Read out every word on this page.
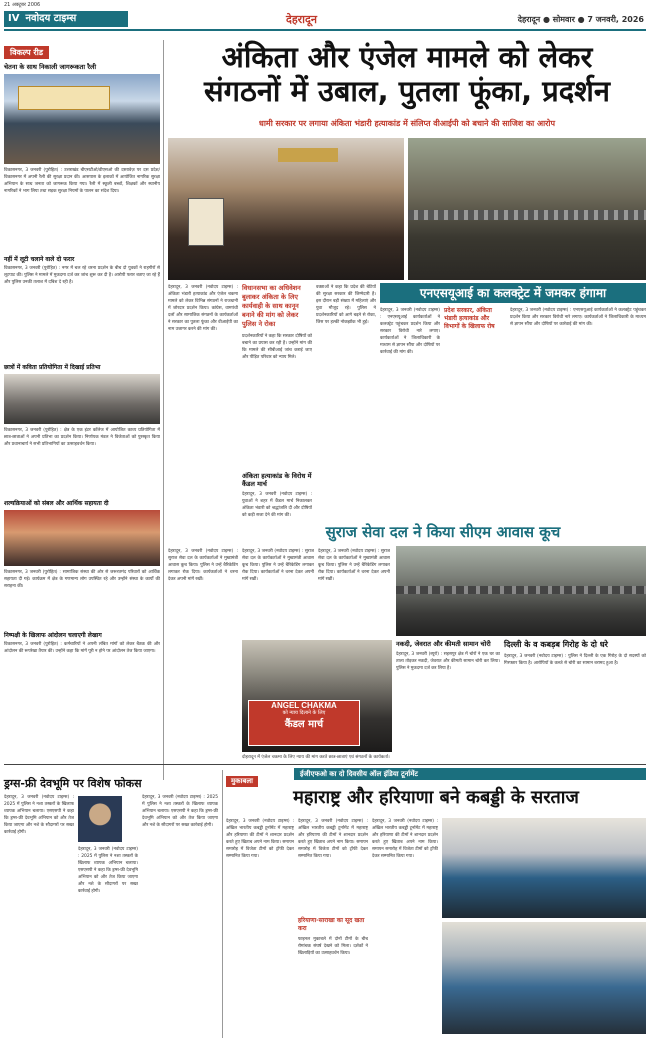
21 अक्टूबर 2006
IV नवोदय टाइम्स	देहरादून	देहरादून ● सोमवार ● 7 जनवरी, 2026
विकल्प रीड
चेतना के साथ निकाली जागरूकता रैली
विकासनगर, 3 जनवरी (पुरोहित) : उत्तराखंड बीएसटीओ/डीएसओ की दस्तावेज़ पर दस प्रदेश/विकासनगर में अपनी रैली की सुरक्षा प्रदान की। आसपास के इलाकों में आयोजित नागरिक सुरक्षा अभियान के साथ जनता को जागरूक किया गया। रैली में स्कूली बच्चों, शिक्षकों और स्थानीय नागरिकों ने भाग लिया तथा सड़क सुरक्षा नियमों के पालन का संदेश दिया।
नहीं में लूटी चलाने वाले दो फरार
विकासनगर, 3 जनवरी (पुरोहित) : नगर में चल रहे धरना प्रदर्शन के बीच दो युवकों ने राहगीरों से लूटपाट की। पुलिस ने मामले में मुकदमा दर्ज कर जांच शुरू कर दी है। आरोपी फरार बताए जा रहे हैं और पुलिस उनकी तलाश में दबिश दे रही है।
छात्रों में कविता प्रतियोगिता में दिखाई प्रतिभा
विकासनगर, 3 जनवरी (पुरोहित) : क्षेत्र के एक इंटर कॉलेज में आयोजित काव्य प्रतियोगिता में छात्र-छात्राओं ने अपनी प्रतिभा का प्रदर्शन किया। निर्णायक मंडल ने विजेताओं को पुरस्कृत किया और प्रधानाचार्य ने सभी प्रतिभागियों का उत्साहवर्धन किया।
शल्यक्रियाओं को संबल और आर्थिक सहायता दी
विकासनगर, 3 जनवरी (पुरोहित) : सामाजिक संस्था की ओर से जरूरतमंद परिवारों को आर्थिक सहायता दी गई। कार्यक्रम में क्षेत्र के गणमान्य लोग उपस्थित रहे और उन्होंने संस्था के कार्यों की सराहना की।
निष्पक्षी के खिलाफ आंदोलन चलाएगी लेखाग
विकासनगर, 3 जनवरी (पुरोहित) : कर्मचारियों ने अपनी लंबित मांगों को लेकर बैठक की और आंदोलन की रूपरेखा तैयार की। उन्होंने कहा कि मांगें पूरी न होने पर आंदोलन तेज किया जाएगा।
अंकिता और एंजेल मामले को लेकर
संगठनों में उबाल, पुतला फूंका, प्रदर्शन
धामी सरकार पर लगाया अंकिता भंडारी हत्याकांड में संलिप्त वीआईपी को बचाने की साजिश का आरोप
एनएसयूआई का कलक्ट्रेट में जमकर हंगामा
देहरादून, 3 जनवरी (नवोदय टाइम्स) : अंकिता भंडारी हत्याकांड और एंजेल चकमा मामले को लेकर विभिन्न संगठनों ने राजधानी में जोरदार प्रदर्शन किया। कांग्रेस, वामपंथी दलों और सामाजिक संगठनों के कार्यकर्ताओं ने सरकार का पुतला फूंका और वीआईपी का नाम उजागर करने की मांग की।
विधानसभा का अधिवेशन बुलाकर अंकिता के लिए कार्यवाही के साथ कानून बनाने की मांग को लेकर पुलिस ने रोका
प्रदर्शनकारियों ने कहा कि सरकार दोषियों को बचाने का प्रयास कर रही है। उन्होंने मांग की कि मामले की सीबीआई जांच कराई जाए और पीड़ित परिवार को न्याय मिले।
अंकिता हत्याकांड के विरोध में कैंडल मार्च
देहरादून, 3 जनवरी (नवोदय टाइम्स) : युवाओं ने शहर में कैंडल मार्च निकालकर अंकिता भंडारी को श्रद्धांजलि दी और दोषियों को कड़ी सजा देने की मांग की।
वक्ताओं ने कहा कि प्रदेश की बेटियों की सुरक्षा सरकार की जिम्मेदारी है। इस दौरान बड़ी संख्या में महिलाएं और युवा मौजूद रहे। पुलिस ने प्रदर्शनकारियों को आगे बढ़ने से रोका, जिस पर हल्की नोकझोंक भी हुई।
देहरादून, 3 जनवरी (नवोदय टाइम्स) : एनएसयूआई कार्यकर्ताओं ने कलक्ट्रेट पहुंचकर प्रदर्शन किया और सरकार विरोधी नारे लगाए। कार्यकर्ताओं ने जिलाधिकारी के माध्यम से ज्ञापन सौंपा और दोषियों पर कार्रवाई की मांग की।
प्रदेश सरकार, अंकिता भंडारी हत्याकांड और विभागों के खिलाफ रोष
देहरादून, 3 जनवरी (नवोदय टाइम्स) : एनएसयूआई कार्यकर्ताओं ने कलक्ट्रेट पहुंचकर प्रदर्शन किया और सरकार विरोधी नारे लगाए। कार्यकर्ताओं ने जिलाधिकारी के माध्यम से ज्ञापन सौंपा और दोषियों पर कार्रवाई की मांग की।
सुराज सेवा दल ने किया सीएम आवास कूच
देहरादून, 3 जनवरी (नवोदय टाइम्स) : सुराज सेवा दल के कार्यकर्ताओं ने मुख्यमंत्री आवास कूच किया। पुलिस ने उन्हें बैरिकेडिंग लगाकर रोक दिया। कार्यकर्ताओं ने धरना देकर अपनी मांगें रखीं।
देहरादून, 3 जनवरी (नवोदय टाइम्स) : सुराज सेवा दल के कार्यकर्ताओं ने मुख्यमंत्री आवास कूच किया। पुलिस ने उन्हें बैरिकेडिंग लगाकर रोक दिया। कार्यकर्ताओं ने धरना देकर अपनी मांगें रखीं।
देहरादून, 3 जनवरी (नवोदय टाइम्स) : सुराज सेवा दल के कार्यकर्ताओं ने मुख्यमंत्री आवास कूच किया। पुलिस ने उन्हें बैरिकेडिंग लगाकर रोक दिया। कार्यकर्ताओं ने धरना देकर अपनी मांगें रखीं।
ANGEL CHAKMA
को न्याय दिलाने के लिए
कैंडल मार्च
दोहरादून में एंजेल चकमा के लिए न्याय की मांग करते छात्र-छात्राएं एवं संगठनों के कार्यकर्ता।
नकदी, जेवरात और कीमती सामान चोरी
देहरादून, 3 जनवरी (ब्यूरो) : सहसपुर क्षेत्र में चोरों ने एक घर का ताला तोड़कर नकदी, जेवरात और कीमती सामान चोरी कर लिया। पुलिस ने मुकदमा दर्ज कर लिया है।
दिल्ली के व कबड़ब गिरोह के दो धरे
देहरादून, 3 जनवरी (नवोदय टाइम्स) : पुलिस ने दिल्ली के एक गिरोह के दो सदस्यों को गिरफ्तार किया है। आरोपियों के कब्जे से चोरी का सामान बरामद हुआ है।
ड्रग्स-फ्री देवभूमि पर विशेष फोकस
देहरादून, 3 जनवरी (नवोदय टाइम्स) : 2025 में पुलिस ने नशा तस्करों के खिलाफ व्यापक अभियान चलाया। एसएसपी ने कहा कि ड्रग्स-फ्री देवभूमि अभियान को और तेज किया जाएगा और नशे के सौदागरों पर सख्त कार्रवाई होगी।
देहरादून, 3 जनवरी (नवोदय टाइम्स) : 2025 में पुलिस ने नशा तस्करों के खिलाफ व्यापक अभियान चलाया। एसएसपी ने कहा कि ड्रग्स-फ्री देवभूमि अभियान को और तेज किया जाएगा और नशे के सौदागरों पर सख्त कार्रवाई होगी।
देहरादून, 3 जनवरी (नवोदय टाइम्स) : 2025 में पुलिस ने नशा तस्करों के खिलाफ व्यापक अभियान चलाया। एसएसपी ने कहा कि ड्रग्स-फ्री देवभूमि अभियान को और तेज किया जाएगा और नशे के सौदागरों पर सख्त कार्रवाई होगी।
मुकाबला
ईजीएफओ का दो दिवसीय ऑल इंडिया टूर्नामेंट
महाराष्ट्र और हरियाणा बने कबड्डी के सरताज
देहरादून, 3 जनवरी (नवोदय टाइम्स) : अखिल भारतीय कबड्डी टूर्नामेंट में महाराष्ट्र और हरियाणा की टीमों ने शानदार प्रदर्शन करते हुए खिताब अपने नाम किया। समापन समारोह में विजेता टीमों को ट्रॉफी देकर सम्मानित किया गया।
देहरादून, 3 जनवरी (नवोदय टाइम्स) : अखिल भारतीय कबड्डी टूर्नामेंट में महाराष्ट्र और हरियाणा की टीमों ने शानदार प्रदर्शन करते हुए खिताब अपने नाम किया। समापन समारोह में विजेता टीमों को ट्रॉफी देकर सम्मानित किया गया।
हरियाणा-साराखा का सूद खता करा
फाइनल मुकाबले में दोनों टीमों के बीच रोमांचक संघर्ष देखने को मिला। दर्शकों ने खिलाड़ियों का उत्साहवर्धन किया।
देहरादून, 3 जनवरी (नवोदय टाइम्स) : अखिल भारतीय कबड्डी टूर्नामेंट में महाराष्ट्र और हरियाणा की टीमों ने शानदार प्रदर्शन करते हुए खिताब अपने नाम किया। समापन समारोह में विजेता टीमों को ट्रॉफी देकर सम्मानित किया गया।
